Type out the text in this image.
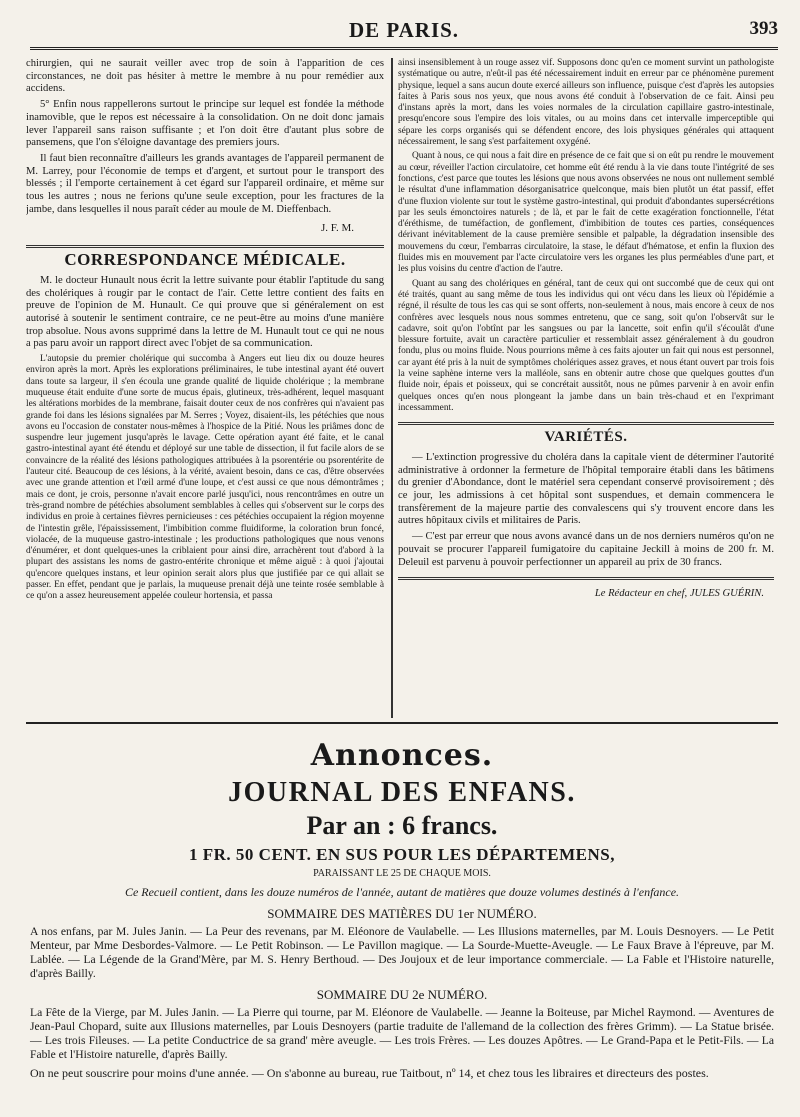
DE PARIS.	393

chirurgien, qui ne saurait veiller avec trop de soin à l'apparition de ces circonstances, ne doit pas hésiter à mettre le membre à nu pour remédier aux accidens.

5° Enfin nous rappellerons surtout le principe sur lequel est fondée la méthode inamovible, que le repos est nécessaire à la consolidation. On ne doit donc jamais lever l'appareil sans raison suffisante ; et l'on doit être d'autant plus sobre de pansemens, que l'on s'éloigne davantage des premiers jours.

Il faut bien reconnaître d'ailleurs les grands avantages de l'appareil permanent de M. Larrey, pour l'économie de temps et d'argent, et surtout pour le transport des blessés ; il l'emporte certainement à cet égard sur l'appareil ordinaire, et même sur tous les autres ; nous ne ferions qu'une seule exception, pour les fractures de la jambe, dans lesquelles il nous paraît céder au moule de M. Dieffenbach.

J. F. M.
CORRESPONDANCE MÉDICALE.

M. le docteur Hunault nous écrit la lettre suivante pour établir l'aptitude du sang des cholériques à rougir par le contact de l'air. Cette lettre contient des faits en preuve de l'opinion de M. Hunault. Ce qui prouve que si généralement on est autorisé à soutenir le sentiment contraire, ce ne peut-être au moins d'une manière trop absolue. Nous avons supprimé dans la lettre de M. Hunault tout ce qui ne nous a pas paru avoir un rapport direct avec l'objet de sa communication.

L'autopsie du premier cholérique qui succomba à Angers eut lieu dix ou douze heures environ après la mort. Après les explorations préliminaires, le tube intestinal ayant été ouvert dans toute sa largeur, il s'en écoula une grande qualité de liquide cholérique ; la membrane muqueuse était enduite d'une sorte de mucus épais, glutineux, très-adhérent, lequel masquant les altérations morbides de la membrane, faisait douter ceux de nos confrères qui n'avaient pas grande foi dans les lésions signalées par M. Serres ; Voyez, disaient-ils, les pétéchies que nous avons eu l'occasion de constater nous-mêmes à l'hospice de la Pitié. Nous les priâmes donc de suspendre leur jugement jusqu'après le lavage. Cette opération ayant été faite, et le canal gastro-intestinal ayant été étendu et déployé sur une table de dissection, il fut facile alors de se convaincre de la réalité des lésions pathologiques attribuées à la psorentérie ou psorentérite de l'auteur cité. Beaucoup de ces lésions, à la vérité, avaient besoin, dans ce cas, d'être observées avec une grande attention et l'œil armé d'une loupe, et c'est aussi ce que nous démontrâmes ; mais ce dont, je crois, personne n'avait encore parlé jusqu'ici, nous rencontrâmes en outre un très-grand nombre de pétéchies absolument semblables à celles qui s'observent sur le corps des individus en proie à certaines fièvres pernicieuses : ces pétéchies occupaient la région moyenne de l'intestin grêle, l'épaississement, l'imbibition comme fluidiforme, la coloration brun foncé, violacée, de la muqueuse gastro-intestinale ; les productions pathologiques que nous venons d'énumérer, et dont quelques-unes la criblaient pour ainsi dire, arrachèrent tout d'abord à la plupart des assistans les noms de gastro-entérite chronique et même aiguë : à quoi j'ajoutai qu'encore quelques instans, et leur opinion serait alors plus que justifiée par ce qui allait se passer. En effet, pendant que je parlais, la muqueuse prenait déjà une teinte rosée semblable à ce qu'on a assez heureusement appelée couleur hortensia, et passa

ainsi insensiblement à un rouge assez vif. Supposons donc qu'en ce moment survint un pathologiste systématique ou autre, n'eût-il pas été nécessairement induit en erreur par ce phénomène purement physique, lequel a sans aucun doute exercé ailleurs son influence, puisque c'est d'après les autopsies faites à Paris sous nos yeux, que nous avons été conduit à l'observation de ce fait. Ainsi peu d'instans après la mort, dans les voies normales de la circulation capillaire gastro-intestinale, presqu'encore sous l'empire des lois vitales, ou au moins dans cet intervalle imperceptible qui sépare les corps organisés qui se défendent encore, des lois physiques générales qui attaquent nécessairement, le sang s'est parfaitement oxygéné.

Quant à nous, ce qui nous a fait dire en présence de ce fait que si on eût pu rendre le mouvement au cœur, réveiller l'action circulatoire, cet homme eût été rendu à la vie dans toute l'intégrité de ses fonctions, c'est parce que toutes les lésions que nous avons observées ne nous ont nullement semblé le résultat d'une inflammation désorganisatrice quelconque, mais bien plutôt un état passif, effet d'une fluxion violente sur tout le système gastro-intestinal, qui produit d'abondantes supersécrétions par les seuls émonctoires naturels ; de là, et par le fait de cette exagération fonctionnelle, l'état d'éréthisme, de tuméfaction, de gonflement, d'imbibition de toutes ces parties, conséquences dérivant inévitablement de la cause première sensible et palpable, la dégradation insensible des mouvemens du cœur, l'embarras circulatoire, la stase, le défaut d'hématose, et enfin la fluxion des fluides mis en mouvement par l'acte circulatoire vers les organes les plus perméables d'une part, et les plus voisins du centre d'action de l'autre.

Quant au sang des cholériques en général, tant de ceux qui ont succombé que de ceux qui ont été traités, quant au sang même de tous les individus qui ont vécu dans les lieux où l'épidémie a régné, il résulte de tous les cas qui se sont offerts, non-seulement à nous, mais encore à ceux de nos confrères avec lesquels nous nous sommes entretenu, que ce sang, soit qu'on l'observât sur le cadavre, soit qu'on l'obtînt par les sangsues ou par la lancette, soit enfin qu'il s'écoulât d'une blessure fortuite, avait un caractère particulier et ressemblait assez généralement à du goudron fondu, plus ou moins fluide. Nous pourrions même à ces faits ajouter un fait qui nous est personnel, car ayant été pris à la nuit de symptômes cholériques assez graves, et nous étant ouvert par trois fois la veine saphène interne vers la malléole, sans en obtenir autre chose que quelques gouttes d'un fluide noir, épais et poisseux, qui se concrétait aussitôt, nous ne pûmes parvenir à en avoir enfin quelques onces qu'en nous plongeant la jambe dans un bain très-chaud et en l'exprimant incessamment.

VARIÉTÉS.

— L'extinction progressive du choléra dans la capitale vient de déterminer l'autorité administrative à ordonner la fermeture de l'hôpital temporaire établi dans les bâtimens du grenier d'Abondance, dont le matériel sera cependant conservé provisoirement ; dès ce jour, les admissions à cet hôpital sont suspendues, et demain commencera le transfèrement de la majeure partie des convalescens qui s'y trouvent encore dans les autres hôpitaux civils et militaires de Paris.

— C'est par erreur que nous avons avancé dans un de nos derniers numéros qu'on ne pouvait se procurer l'appareil fumigatoire du capitaine Jeckill à moins de 200 fr. M. Deleuil est parvenu à pouvoir perfectionner un appareil au prix de 30 francs.

Le Rédacteur en chef, JULES GUÉRIN.
Annonces.
JOURNAL DES ENFANS.
Par an : 6 francs.
1 FR. 50 CENT. EN SUS POUR LES DÉPARTEMENS,
PARAISSANT LE 25 DE CHAQUE MOIS.
Ce Recueil contient, dans les douze numéros de l'année, autant de matières que douze volumes destinés à l'enfance.
SOMMAIRE DES MATIÈRES DU 1er NUMÉRO.
A nos enfans, par M. Jules Janin. — La Peur des revenans, par M. Eléonore de Vaulabelle. — Les Illusions maternelles, par M. Louis Desnoyers. — Le Petit Menteur, par Mme Desbordes-Valmore. — Le Petit Robinson. — Le Pavillon magique. — La Sourde-Muette-Aveugle. — Le Faux Brave à l'épreuve, par M. Lablée. — La Légende de la Grand'Mère, par M. S. Henry Berthoud. — Des Joujoux et de leur importance commerciale. — La Fable et l'Histoire naturelle, d'après Bailly.
SOMMAIRE DU 2e NUMÉRO.
La Fête de la Vierge, par M. Jules Janin. — La Pierre qui tourne, par M. Eléonore de Vaulabelle. — Jeanne la Boiteuse, par Michel Raymond. — Aventures de Jean-Paul Chopard, suite aux Illusions maternelles, par Louis Desnoyers (partie traduite de l'allemand de la collection des frères Grimm). — La Statue brisée. — Les trois Fileuses. — La petite Conductrice de sa grand' mère aveugle. — Les trois Frères. — Les douzes Apôtres. — Le Grand-Papa et le Petit-Fils. — La Fable et l'Histoire naturelle, d'après Bailly.
On ne peut souscrire pour moins d'une année. — On s'abonne au bureau, rue Taitbout, nº 14, et chez tous les libraires et directeurs des postes.
